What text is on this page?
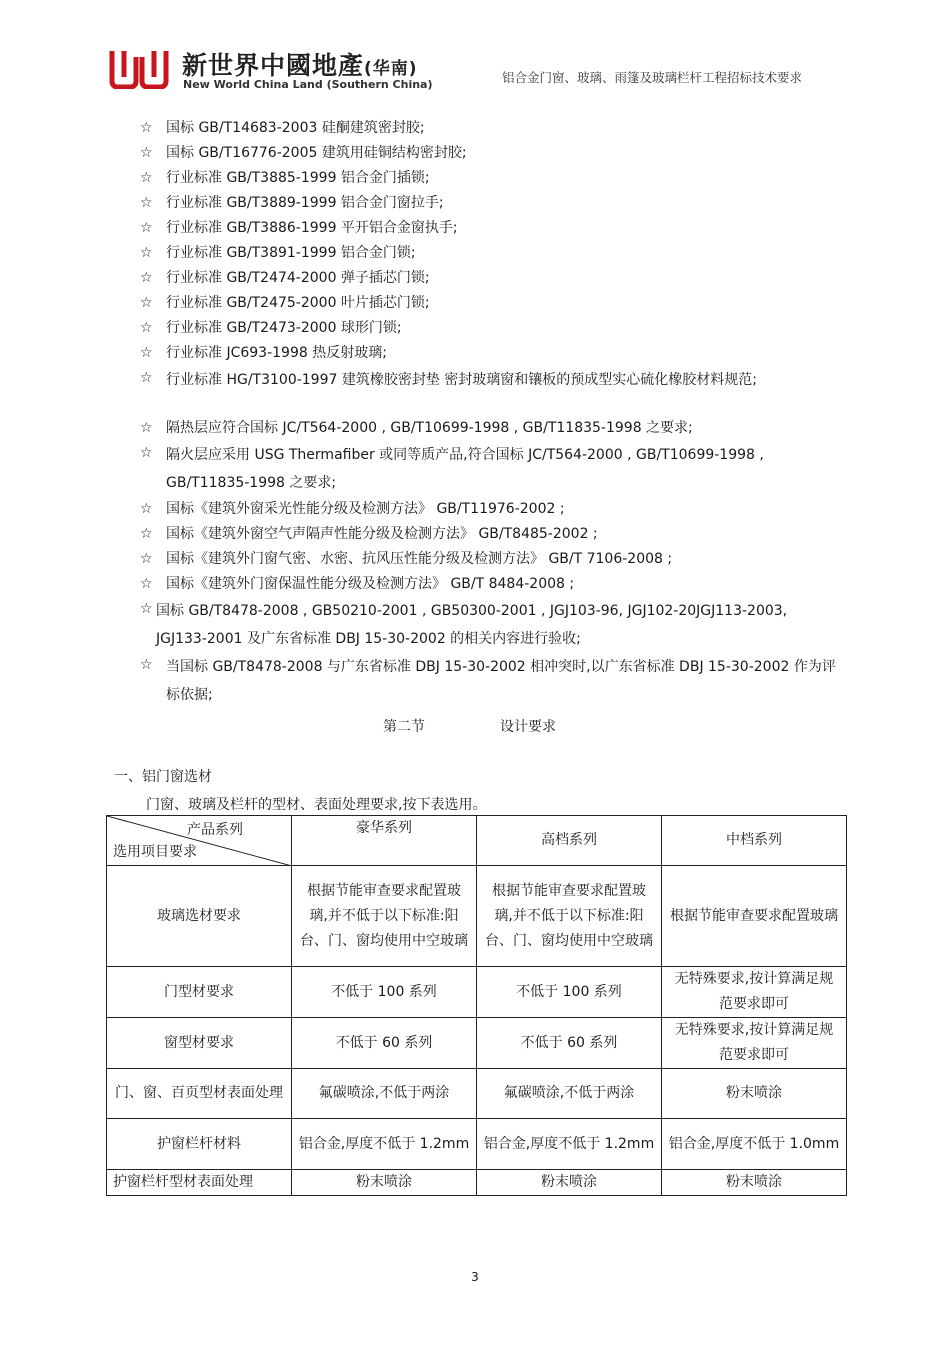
新世界中國地產(华南)
New World China Land (Southern China)	铝合金门窗、玻璃、雨篷及玻璃栏杆工程招标技术要求
☆ 国标 GB/T14683-2003 硅酮建筑密封胶;
☆ 国标 GB/T16776-2005 建筑用硅铜结构密封胶;
☆ 行业标准 GB/T3885-1999 铝合金门插锁;
☆ 行业标准 GB/T3889-1999 铝合金门窗拉手;
☆ 行业标准 GB/T3886-1999 平开铝合金窗执手;
☆ 行业标准 GB/T3891-1999 铝合金门锁;
☆ 行业标准 GB/T2474-2000 弹子插芯门锁;
☆ 行业标准 GB/T2475-2000 叶片插芯门锁;
☆ 行业标准 GB/T2473-2000 球形门锁;
☆ 行业标准 JC693-1998 热反射玻璃;
☆ 行业标准 HG/T3100-1997 建筑橡胶密封垫 密封玻璃窗和镶板的预成型实心硫化橡胶材料规范;
☆ 隔热层应符合国标 JC/T564-2000 , GB/T10699-1998 , GB/T11835-1998 之要求;
☆ 隔火层应采用 USG Thermafiber 或同等质产品,符合国标 JC/T564-2000 , GB/T10699-1998 , GB/T11835-1998 之要求;
☆ 国标《建筑外窗采光性能分级及检测方法》 GB/T11976-2002 ;
☆ 国标《建筑外窗空气声隔声性能分级及检测方法》 GB/T8485-2002 ;
☆ 国标《建筑外门窗气密、水密、抗风压性能分级及检测方法》 GB/T 7106-2008 ;
☆ 国标《建筑外门窗保温性能分级及检测方法》 GB/T 8484-2008 ;
☆ 国标 GB/T8478-2008 , GB50210-2001 , GB50300-2001 , JGJ103-96, JGJ102-20JGJ113-2003, JGJ133-2001 及广东省标准 DBJ 15-30-2002 的相关内容进行验收;
☆ 当国标 GB/T8478-2008 与广东省标准 DBJ 15-30-2002 相冲突时,以广东省标准 DBJ 15-30-2002 作为评标依据;
第二节	设计要求
一、铝门窗选材
门窗、玻璃及栏杆的型材、表面处理要求,按下表选用。
产品系列
选用项目要求	豪华系列	高档系列	中档系列
玻璃选材要求	根据节能审查要求配置玻璃,并不低于以下标准:阳台、门、窗均使用中空玻璃	根据节能审查要求配置玻璃,并不低于以下标准:阳台、门、窗均使用中空玻璃	根据节能审查要求配置玻璃
门型材要求	不低于 100 系列	不低于 100 系列	无特殊要求,按计算满足规范要求即可
窗型材要求	不低于 60 系列	不低于 60 系列	无特殊要求,按计算满足规范要求即可
门、窗、百页型材表面处理	氟碳喷涂,不低于两涂	氟碳喷涂,不低于两涂	粉末喷涂
护窗栏杆材料	铝合金,厚度不低于 1.2mm	铝合金,厚度不低于 1.2mm	铝合金,厚度不低于 1.0mm
护窗栏杆型材表面处理	粉末喷涂	粉末喷涂	粉末喷涂
3
